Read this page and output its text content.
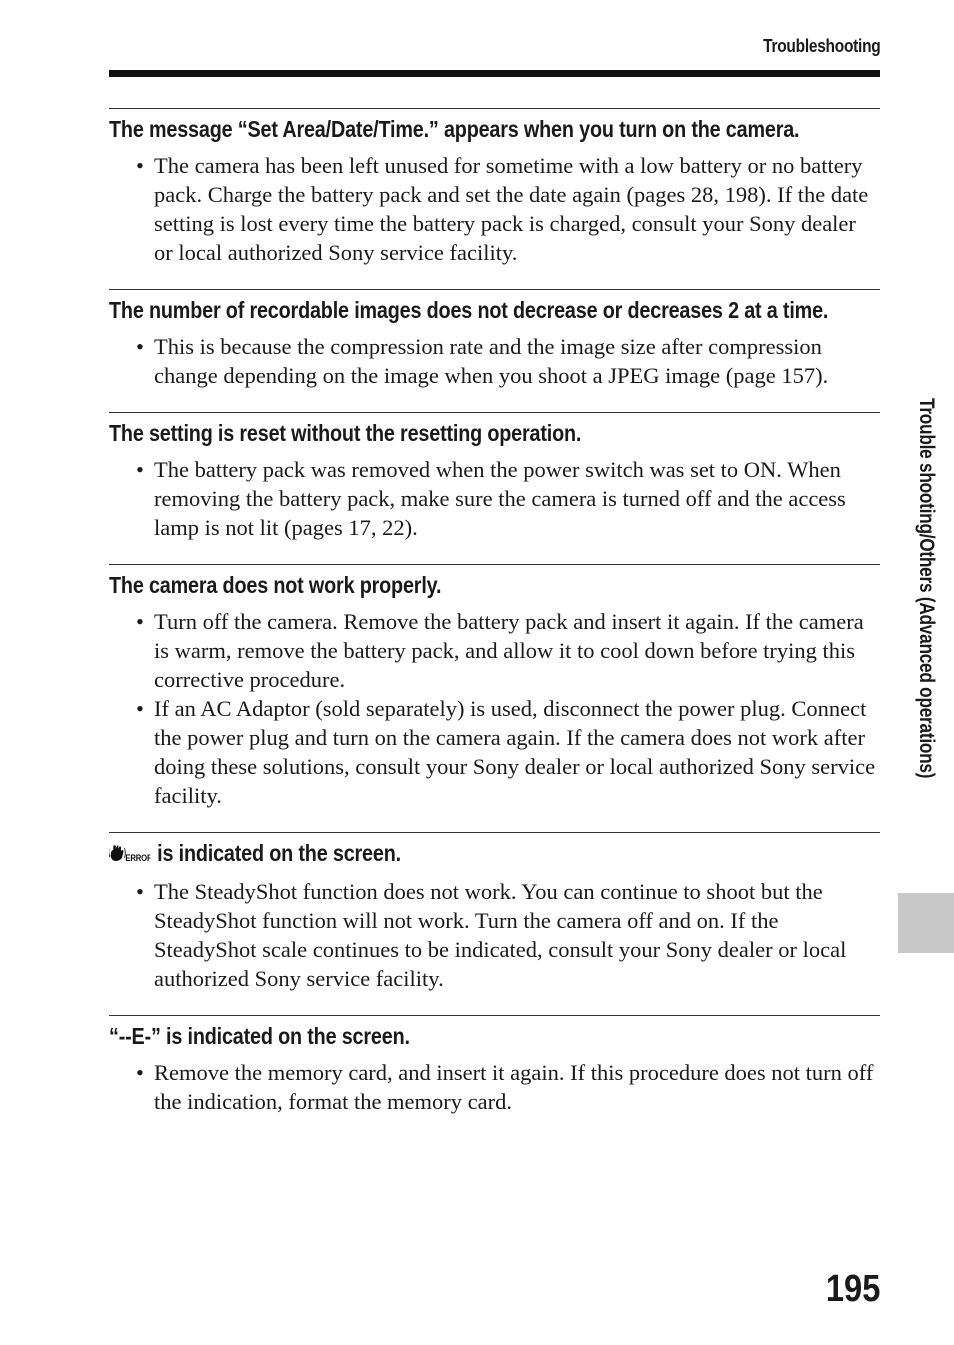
Troubleshooting
The message “Set Area/Date/Time.” appears when you turn on the camera.
• The camera has been left unused for sometime with a low battery or no battery pack. Charge the battery pack and set the date again (pages 28, 198). If the date setting is lost every time the battery pack is charged, consult your Sony dealer or local authorized Sony service facility.
The number of recordable images does not decrease or decreases 2 at a time.
• This is because the compression rate and the image size after compression change depending on the image when you shoot a JPEG image (page 157).
The setting is reset without the resetting operation.
• The battery pack was removed when the power switch was set to ON. When removing the battery pack, make sure the camera is turned off and the access lamp is not lit (pages 17, 22).
The camera does not work properly.
• Turn off the camera. Remove the battery pack and insert it again. If the camera is warm, remove the battery pack, and allow it to cool down before trying this corrective procedure.
• If an AC Adaptor (sold separately) is used, disconnect the power plug. Connect the power plug and turn on the camera again. If the camera does not work after doing these solutions, consult your Sony dealer or local authorized Sony service facility.
ERROR is indicated on the screen.
• The SteadyShot function does not work. You can continue to shoot but the SteadyShot function will not work. Turn the camera off and on. If the SteadyShot scale continues to be indicated, consult your Sony dealer or local authorized Sony service facility.
“--E-” is indicated on the screen.
• Remove the memory card, and insert it again. If this procedure does not turn off the indication, format the memory card.
Trouble shooting/Others (Advanced operations)
195
